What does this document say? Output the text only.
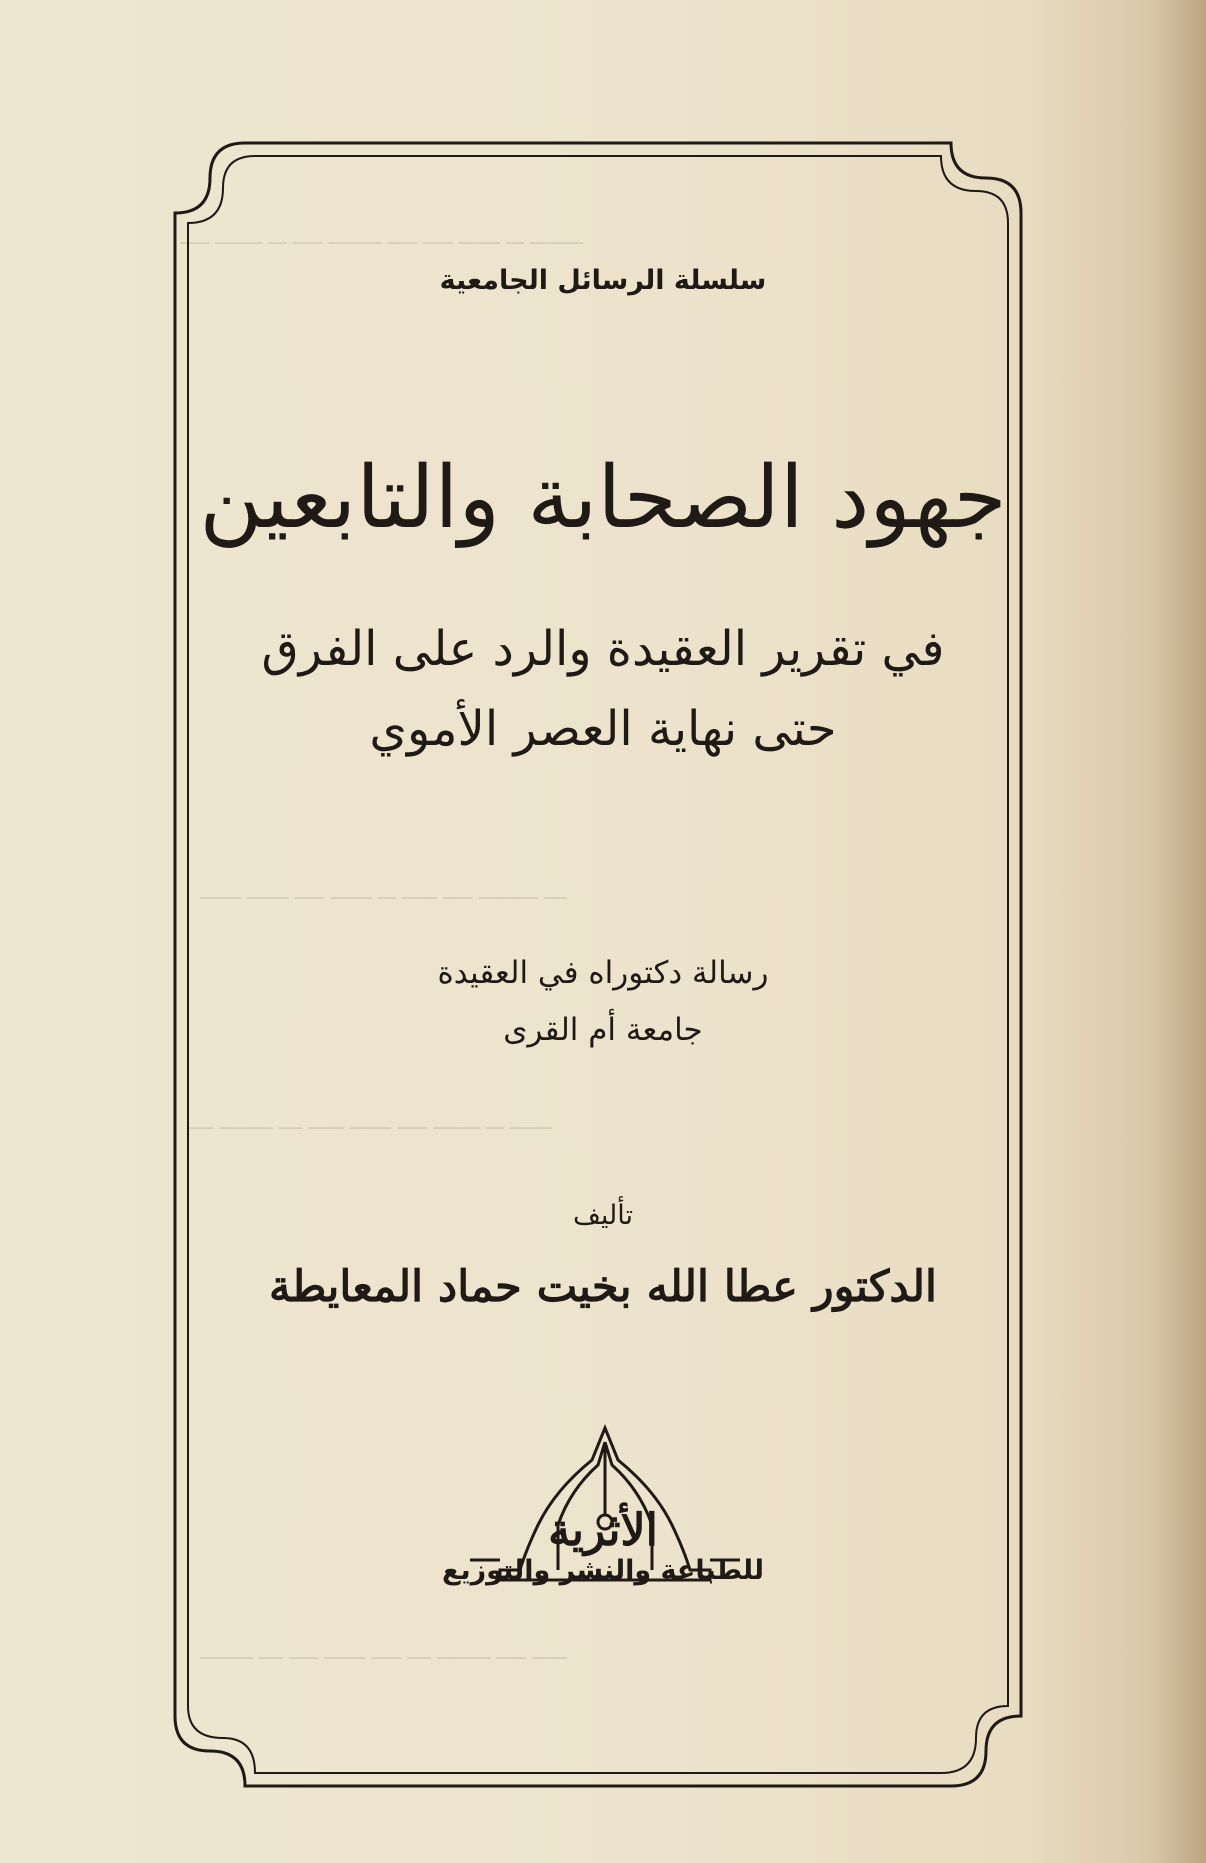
ـــــــــ ـــ ـــــــ ـــــ ـــــ ـــــــــ ـــــ ـــ ــــــــ ـــــ
ــــ ــــــــــ ـــــ ــــــ ـــ ـــــــ ـــــ ـــــــ ـــــــ
ـــــــ ـــ ــــــــ ـــــ ـــــــ ــــــ ــــ ـــــــــ ــــ
ــــــ ـــــ ـــــــــ ــــ ـــــ ـــــــ ـــــ ــــ ـــــــــ
سلسلة الرسائل الجامعية
جهود الصحابة والتابعين
في تقرير العقيدة والرد على الفرق
حتى نهاية العصر الأموي
رسالة دكتوراه في العقيدة
جامعة أم القرى
تأليف
الدكتور عطا الله بخيت حماد المعايطة
الأثرية
للطباعة والنشر والتوزيع
